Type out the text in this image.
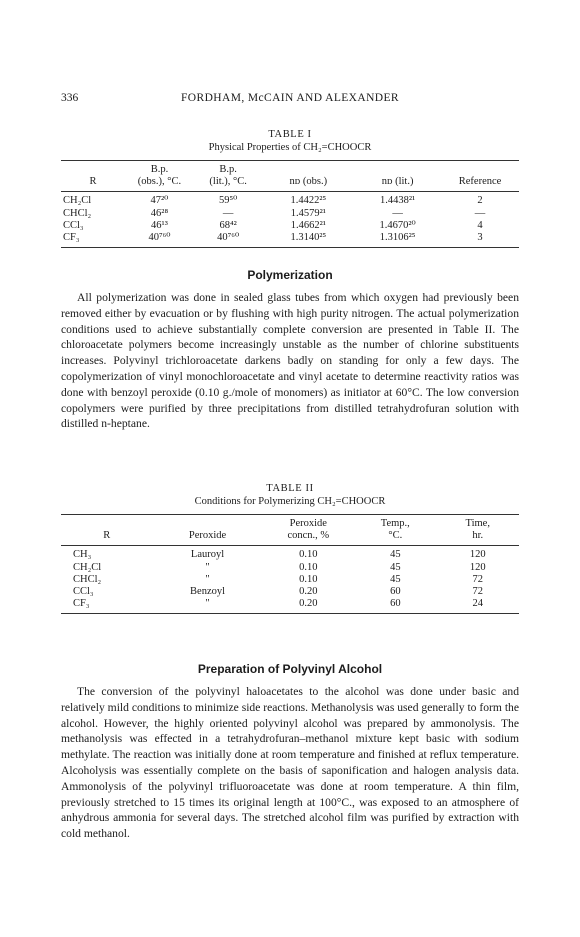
336	FORDHAM, McCAIN AND ALEXANDER
TABLE I
Physical Properties of CH₂=CHOOCR
	B.p.	B.p.			
R	(obs.), °C.	(lit.), °C.	nᴅ (obs.)	nᴅ (lit.)	Reference
CH₂Cl	47²⁰	59⁵⁰	1.4422²⁵	1.4438²¹	2
CHCl₂	46²⁸	—	1.4579²¹	—	—
CCl₃	46¹³	68⁴²	1.4662²¹	1.4670²⁰	4
CF₃	40⁷⁶⁰	40⁷⁶⁰	1.3140²⁵	1.3106²⁵	3
Polymerization

All polymerization was done in sealed glass tubes from which oxygen had previously been removed either by evacuation or by flushing with high purity nitrogen. The actual polymerization conditions used to achieve substantially complete conversion are presented in Table II. The chloroacetate polymers become increasingly unstable as the number of chlorine substituents increases. Polyvinyl trichloroacetate darkens badly on standing for only a few days. The copolymerization of vinyl monochloroacetate and vinyl acetate to determine reactivity ratios was done with benzoyl peroxide (0.10 g./mole of monomers) as initiator at 60°C. The low conversion copolymers were purified by three precipitations from distilled tetrahydrofuran solution with distilled n-heptane.

TABLE II
Conditions for Polymerizing CH₂=CHOOCR
		Peroxide	Temp.,	Time,
R	Peroxide	concn., %	°C.	hr.
CH₃	Lauroyl	0.10	45	120
CH₂Cl	"	0.10	45	120
CHCl₂	"	0.10	45	72
CCl₃	Benzoyl	0.20	60	72
CF₃	"	0.20	60	24
Preparation of Polyvinyl Alcohol

The conversion of the polyvinyl haloacetates to the alcohol was done under basic and relatively mild conditions to minimize side reactions. Methanolysis was used generally to form the alcohol. However, the highly oriented polyvinyl alcohol was prepared by ammonolysis. The methanolysis was effected in a tetrahydrofuran–methanol mixture kept basic with sodium methylate. The reaction was initially done at room temperature and finished at reflux temperature. Alcoholysis was essentially complete on the basis of saponification and halogen analysis data. Ammonolysis of the polyvinyl trifluoroacetate was done at room temperature. A thin film, previously stretched to 15 times its original length at 100°C., was exposed to an atmosphere of anhydrous ammonia for several days. The stretched alcohol film was purified by extraction with cold methanol.
